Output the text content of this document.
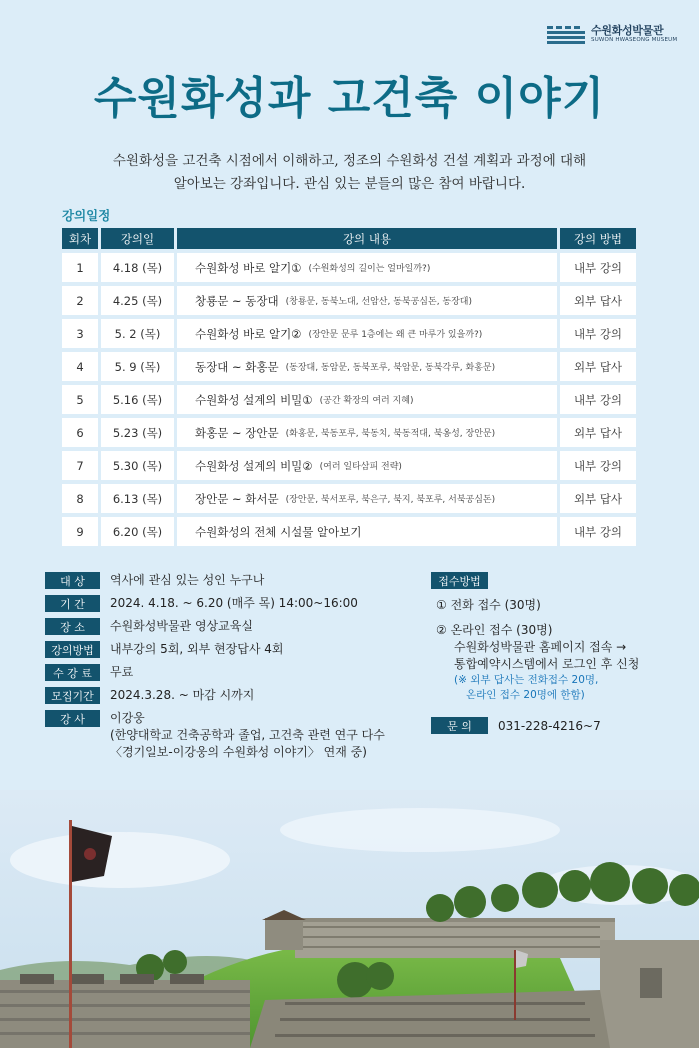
수원화성박물관
SUWON HWASEONG MUSEUM
수원화성과 고건축 이야기

수원화성을 고건축 시점에서 이해하고, 정조의 수원화성 건설 계획과 과정에 대해

알아보는 강좌입니다. 관심 있는 분들의 많은 참여 바랍니다.

강의일정
회차	강의일	강의 내용	강의 방법
1	4.18 (목)	수원화성 바로 알기① (수원화성의 길이는 얼마일까?)	내부 강의
2	4.25 (목)	창룡문 ~ 동장대 (창룡문, 동북노대, 선암산, 동북공심돈, 동장대)	외부 답사
3	5. 2 (목)	수원화성 바로 알기② (장안문 문루 1층에는 왜 큰 마루가 있을까?)	내부 강의
4	5. 9 (목)	동장대 ~ 화홍문 (동장대, 동암문, 동북포루, 북암문, 동북각루, 화홍문)	외부 답사
5	5.16 (목)	수원화성 설계의 비밀① (공간 확장의 여러 지혜)	내부 강의
6	5.23 (목)	화홍문 ~ 장안문 (화홍문, 북동포루, 북동치, 북동적대, 북옹성, 장안문)	외부 답사
7	5.30 (목)	수원화성 설계의 비밀② (여러 일타삼피 전략)	내부 강의
8	6.13 (목)	장안문 ~ 화서문 (장안문, 북서포루, 북은구, 북지, 북포루, 서북공심돈)	외부 답사
9	6.20 (목)	수원화성의 전체 시설물 알아보기	내부 강의
대 상	역사에 관심 있는 성인 누구나
기 간	2024. 4.18. ~ 6.20 (매주 목) 14:00~16:00
장 소	수원화성박물관 영상교육실
강의방법	내부강의 5회, 외부 현장답사 4회
수 강 료	무료
모집기간	2024.3.28. ~ 마감 시까지
강 사	이강웅

(한양대학교 건축공학과 졸업, 고건축 관련 연구 다수

〈경기일보-이강웅의 수원화성 이야기〉 연재 중)

접수방법
① 전화 접수 (30명)

② 온라인 접수 (30명)

수원화성박물관 홈페이지 접속 →

통합예약시스템에서 로그인 후 신청

(※ 외부 답사는 전화접수 20명,

온라인 접수 20명에 한함)

문 의	031-228-4216~7
